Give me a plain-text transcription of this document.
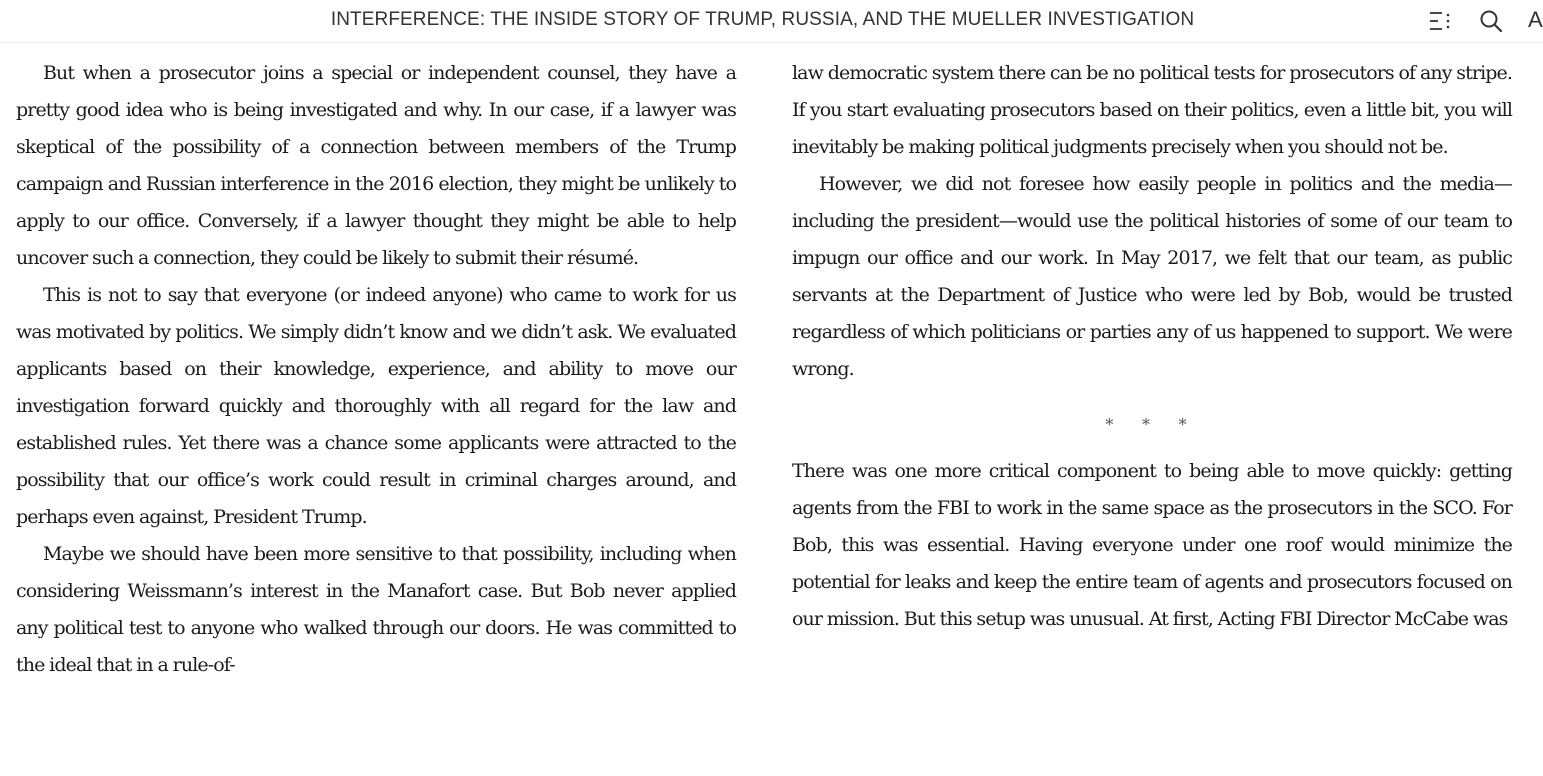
INTERFERENCE: THE INSIDE STORY OF TRUMP, RUSSIA, AND THE MUELLER INVESTIGATION	A

But when a prosecutor joins a special or independent counsel, they have a pretty good idea who is being investigated and why. In our case, if a lawyer was skeptical of the possibility of a connection between members of the Trump campaign and Russian interference in the 2016 election, they might be unlikely to apply to our office. Conversely, if a lawyer thought they might be able to help uncover such a connection, they could be likely to submit their résumé.

This is not to say that everyone (or indeed anyone) who came to work for us was motivated by politics. We simply didn’t know and we didn’t ask. We evaluated applicants based on their knowledge, experience, and ability to move our investigation forward quickly and thoroughly with all regard for the law and established rules. Yet there was a chance some applicants were attracted to the possibility that our office’s work could result in criminal charges around, and perhaps even against, President Trump.

Maybe we should have been more sensitive to that possibility, including when considering Weissmann’s interest in the Manafort case. But Bob never applied any political test to anyone who walked through our doors. He was committed to the ideal that in a rule-of-

law democratic system there can be no political tests for prosecutors of any stripe. If you start evaluating prosecutors based on their politics, even a little bit, you will inevitably be making political judgments precisely when you should not be.

However, we did not foresee how easily people in politics and the media—including the president—would use the political histories of some of our team to impugn our office and our work. In May 2017, we felt that our team, as public servants at the Department of Justice who were led by Bob, would be trusted regardless of which politicians or parties any of us happened to support. We were wrong.

* * *

There was one more critical component to being able to move quickly: getting agents from the FBI to work in the same space as the prosecutors in the SCO. For Bob, this was essential. Having everyone under one roof would minimize the potential for leaks and keep the entire team of agents and prosecutors focused on our mission. But this setup was unusual. At first, Acting FBI Director McCabe was
